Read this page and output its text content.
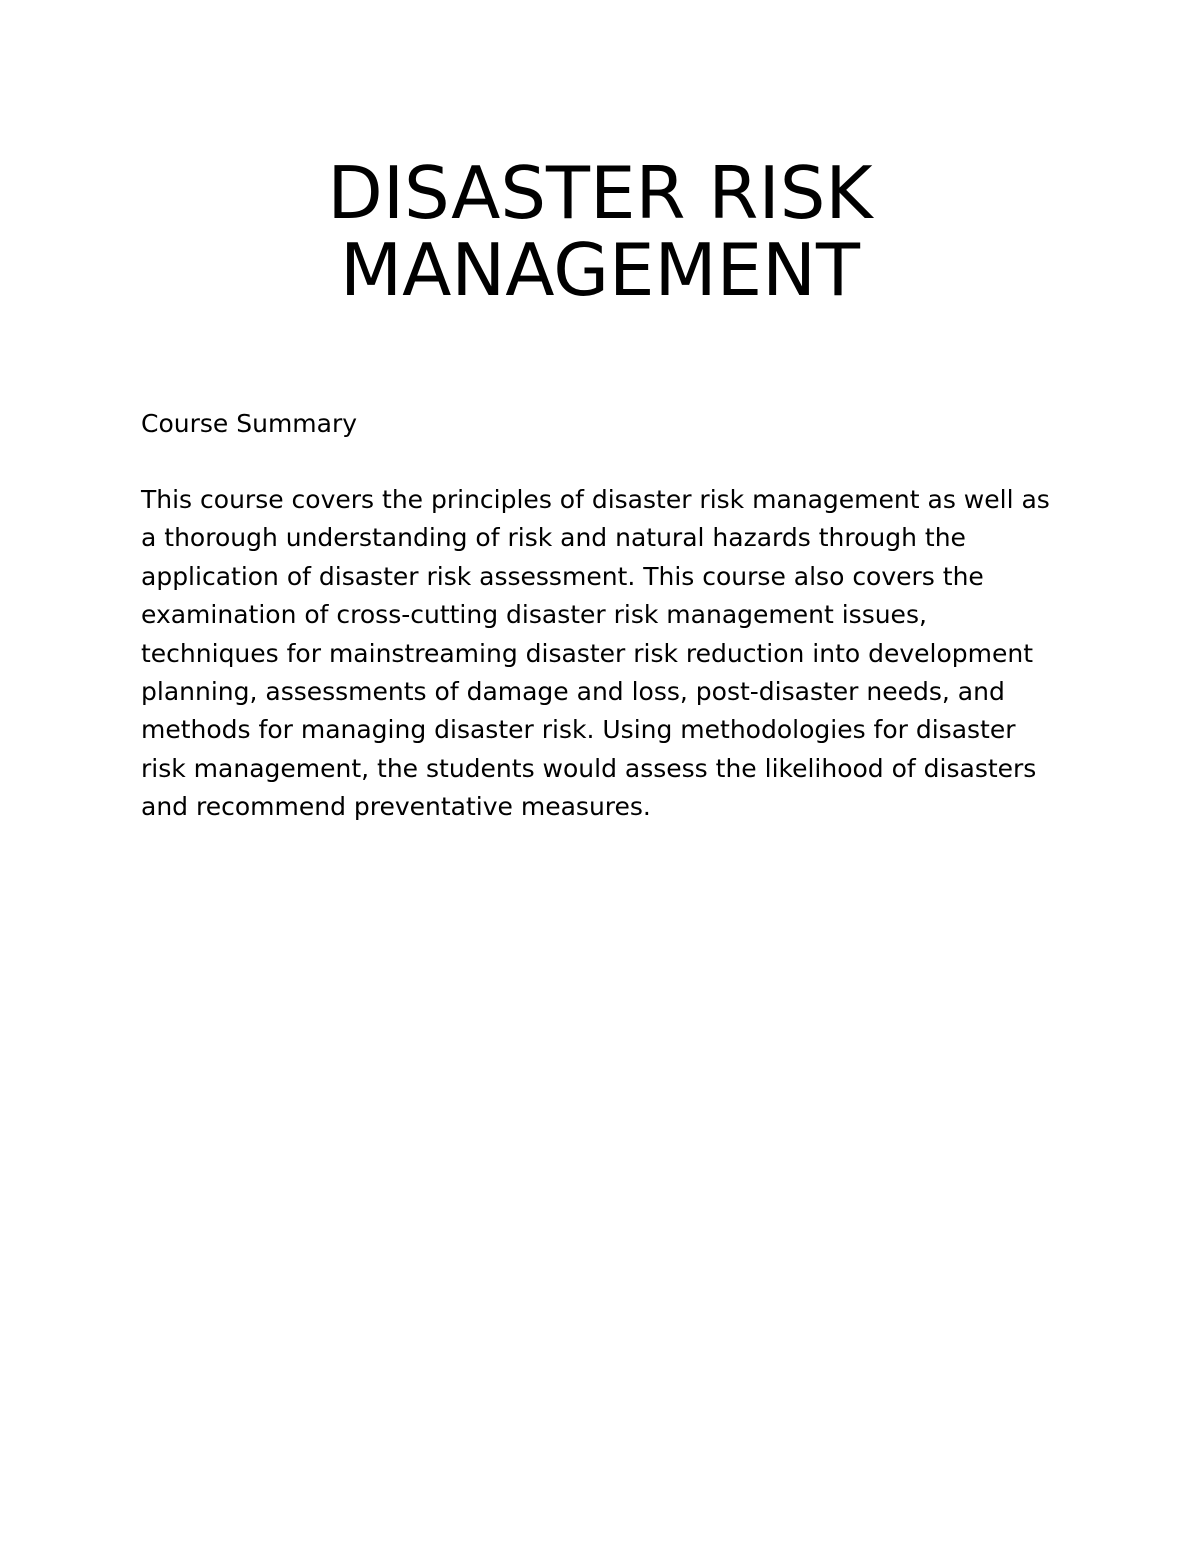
DISASTER RISK
MANAGEMENT

Course Summary

This course covers the principles of disaster risk management as well as
a thorough understanding of risk and natural hazards through the
application of disaster risk assessment. This course also covers the
examination of cross-cutting disaster risk management issues,
techniques for mainstreaming disaster risk reduction into development
planning, assessments of damage and loss, post-disaster needs, and
methods for managing disaster risk. Using methodologies for disaster
risk management, the students would assess the likelihood of disasters
and recommend preventative measures.
